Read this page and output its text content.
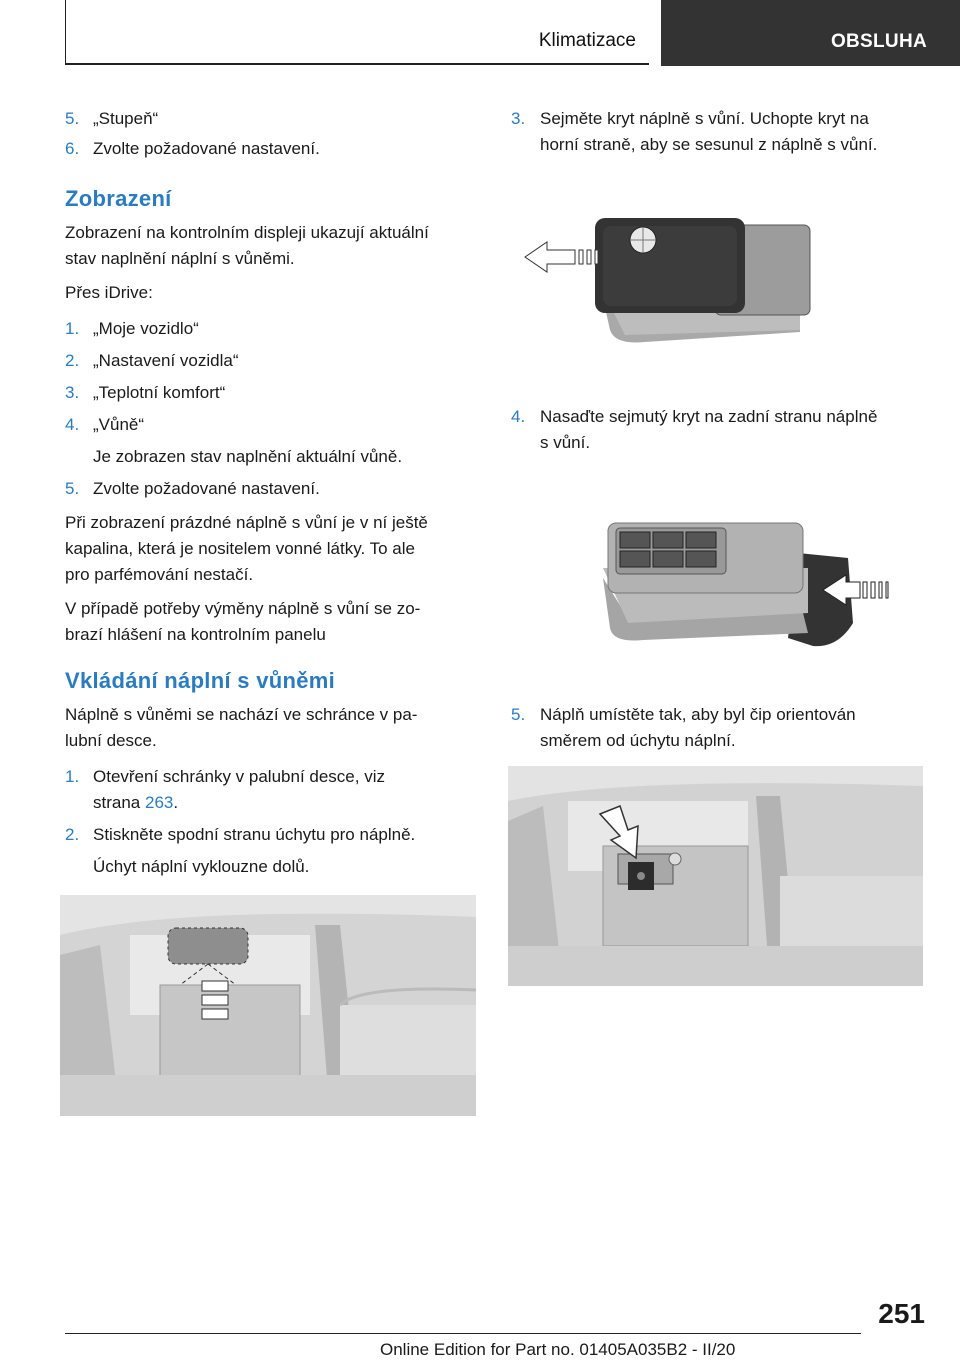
Klimatizace	OBSLUHA
5. „Stupeň“
6. Zvolte požadované nastavení.
Zobrazení
Zobrazení na kontrolním displeji ukazují aktuální
stav naplnění náplní s vůněmi.
Přes iDrive:
1. „Moje vozidlo“
2. „Nastavení vozidla“
3. „Teplotní komfort“
4. „Vůně“
Je zobrazen stav naplnění aktuální vůně.
5. Zvolte požadované nastavení.
Při zobrazení prázdné náplně s vůní je v ní ještě
kapalina, která je nositelem vonné látky. To ale
pro parfémování nestačí.
V případě potřeby výměny náplně s vůní se zo-
brazí hlášení na kontrolním panelu
Vkládání náplní s vůněmi
Náplně s vůněmi se nachází ve schránce v pa-
lubní desce.
1. Otevření schránky v palubní desce, viz
strana 263.
2. Stiskněte spodní stranu úchytu pro náplně.
Úchyt náplní vyklouzne dolů.
3. Sejměte kryt náplně s vůní. Uchopte kryt na
horní straně, aby se sesunul z náplně s vůní.
4. Nasaďte sejmutý kryt na zadní stranu náplně
s vůní.
5. Náplň umístěte tak, aby byl čip orientován
směrem od úchytu náplní.
251
Online Edition for Part no. 01405A035B2 - II/20
